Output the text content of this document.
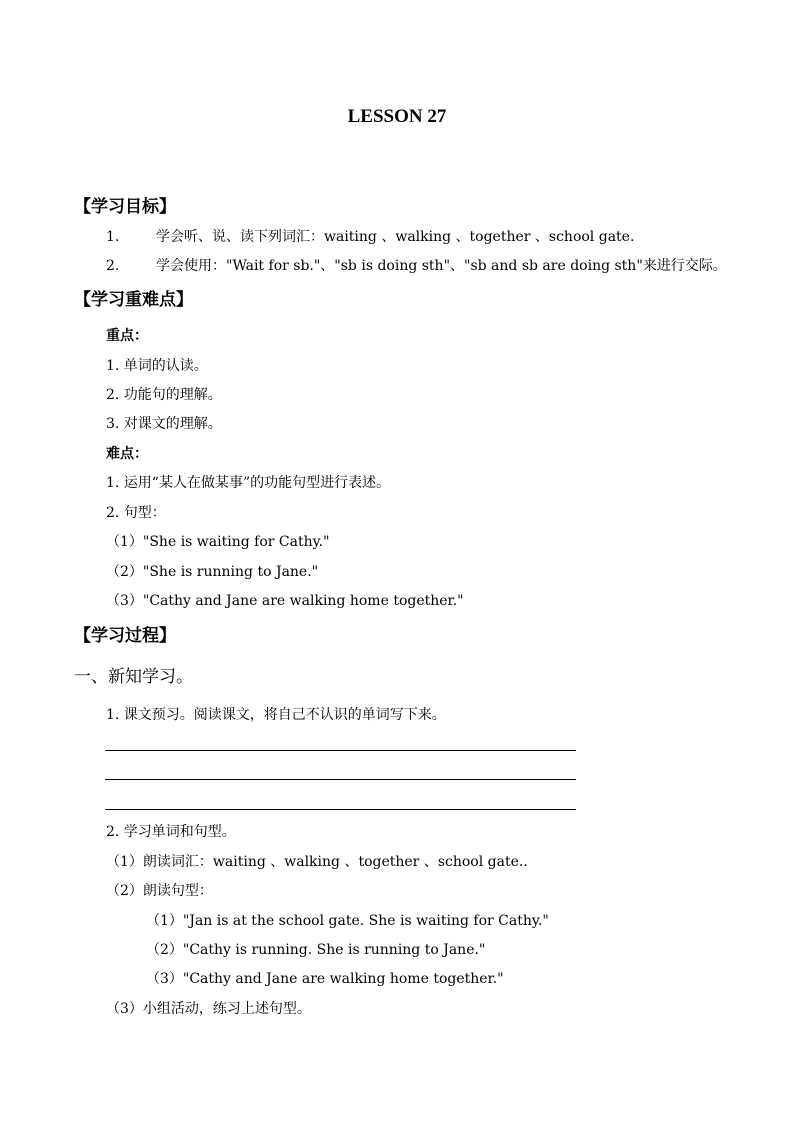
LESSON 27
【学习目标】
1.	学会听、说、读下列词汇：waiting 、walking 、together 、school gate.
2.	学会使用："Wait for sb."、"sb is doing sth"、"sb and sb are doing sth"来进行交际。
【学习重难点】
重点：
1. 单词的认读。
2. 功能句的理解。
3. 对课文的理解。
难点：
1. 运用“某人在做某事”的功能句型进行表述。
2. 句型：
（1）"She is waiting for Cathy."
（2）"She is running to Jane."
（3）"Cathy and Jane are walking home together."
【学习过程】
一、新知学习。
1. 课文预习。阅读课文，将自己不认识的单词写下来。
2. 学习单词和句型。
（1）朗读词汇：waiting 、walking 、together 、school gate..
（2）朗读句型：
（1）"Jan is at the school gate. She is waiting for Cathy."
（2）"Cathy is running. She is running to Jane."
（3）"Cathy and Jane are walking home together."
（3）小组活动，练习上述句型。
